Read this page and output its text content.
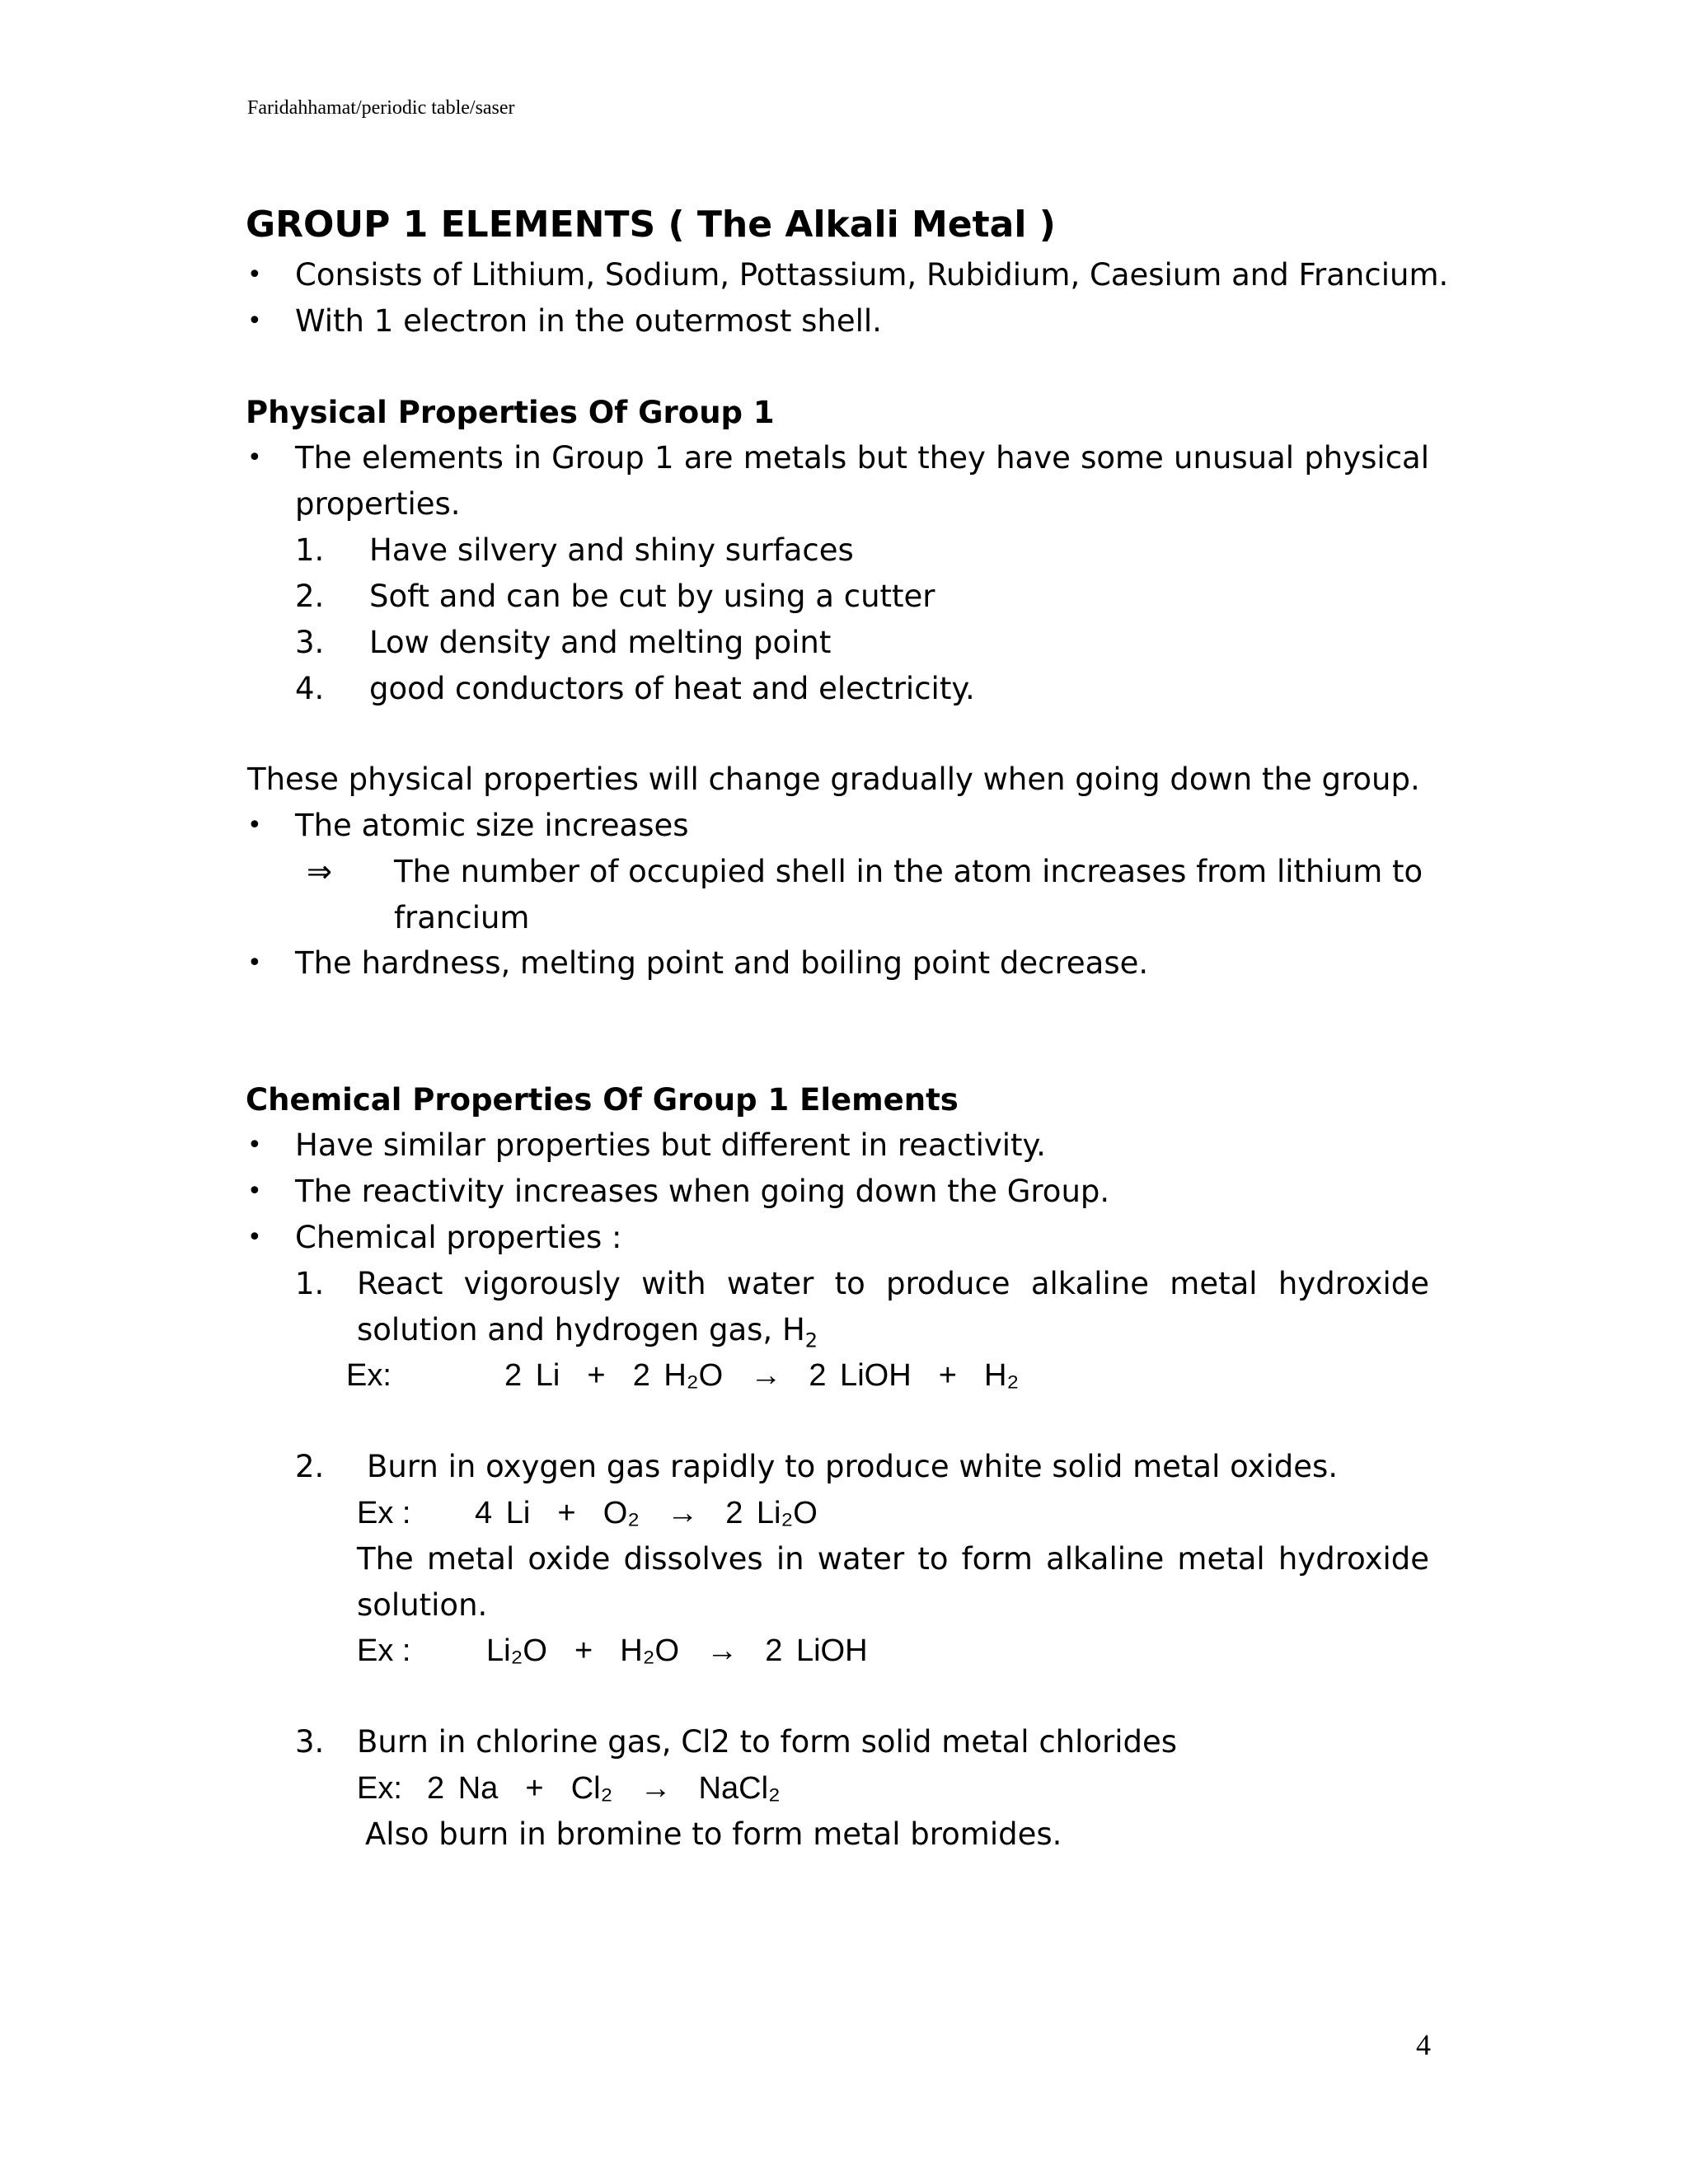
Faridahhamat/periodic table/saser
GROUP 1 ELEMENTS ( The Alkali Metal )
• Consists of Lithium, Sodium, Pottassium, Rubidium, Caesium and Francium.
• With 1 electron in the outermost shell.
Physical Properties Of Group 1
• The elements in Group 1 are metals but they have some unusual physical
properties.
1. Have silvery and shiny surfaces
2. Soft and can be cut by using a cutter
3. Low density and melting point
4. good conductors of heat and electricity.
These physical properties will change gradually when going down the group.
• The atomic size increases
⇒ The number of occupied shell in the atom increases from lithium to
francium
• The hardness, melting point and boiling point decrease.
Chemical Properties Of Group 1 Elements
• Have similar properties but different in reactivity.
• The reactivity increases when going down the Group.
• Chemical properties :
1. React vigorously with water to produce alkaline metal hydroxide
solution and hydrogen gas, $H_2$
Ex:	2 Li  +  2 H₂O  →  2 LiOH  +  H₂
2. Burn in oxygen gas rapidly to produce white solid metal oxides.
Ex : 4 Li  +  O₂  →  2 Li₂O
The metal oxide dissolves in water to form alkaline metal hydroxide
solution.
Ex : Li₂O  +  H₂O  →  2 LiOH
3. Burn in chlorine gas, Cl2 to form solid metal chlorides
Ex: 2 Na  +  Cl₂  →  NaCl₂
Also burn in bromine to form metal bromides.
4
